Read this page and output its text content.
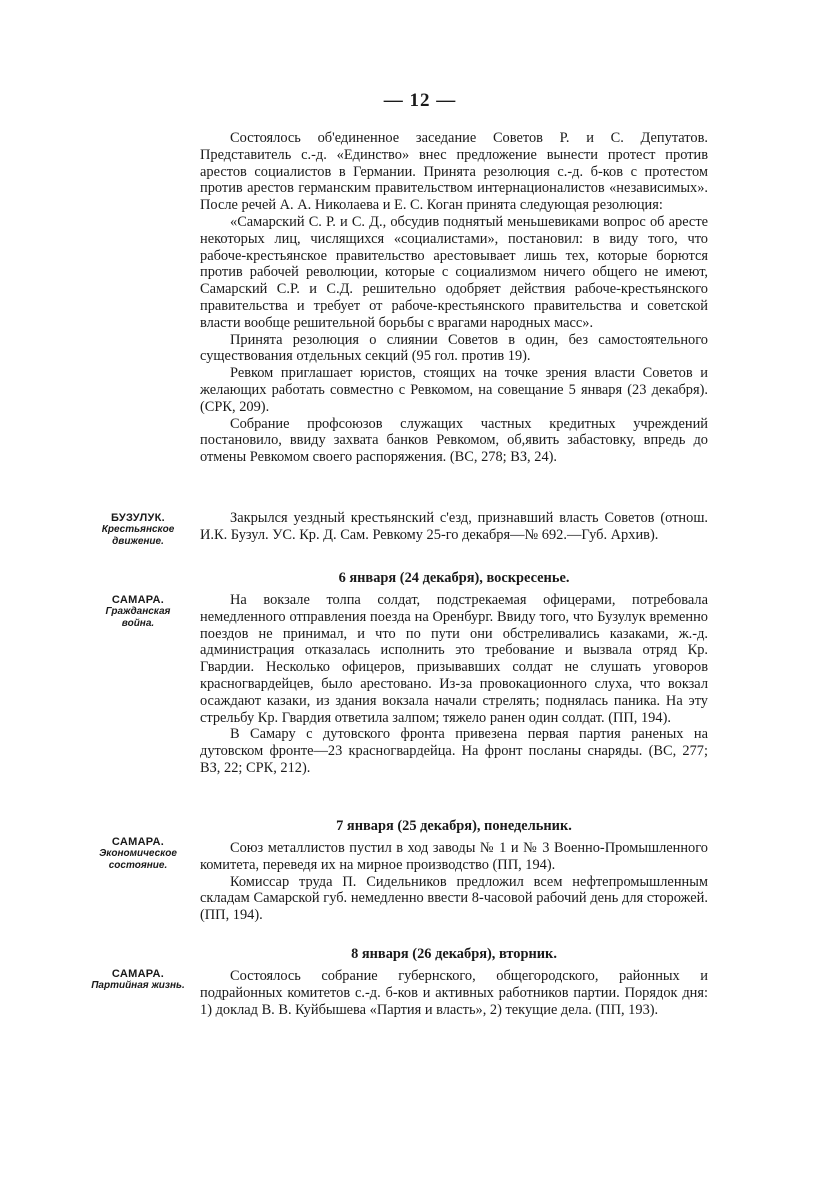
— 12 —

Состоялось об'единенное заседание Советов Р. и С. Депутатов. Представитель с.-д. «Единство» внес предложение вынести протест против арестов социалистов в Германии. Принята резолюция с.-д. б-ков с протестом против арестов германским правительством интернационалистов «независимых». После речей А. А. Николаева и Е. С. Коган принята следующая резолюция:

«Самарский С. Р. и С. Д., обсудив поднятый меньшевиками вопрос об аресте некоторых лиц, числящихся «социалистами», постановил: в виду того, что рабоче-крестьянское правительство арестовывает лишь тех, которые борются против рабочей революции, которые с социализмом ничего общего не имеют, Самарский С.Р. и С.Д. решительно одобряет действия рабоче-крестьянского правительства и требует от рабоче-крестьянского правительства и советской власти вообще решительной борьбы с врагами народных масс».

Принята резолюция о слиянии Советов в один, без самостоятельного существования отдельных секций (95 гол. против 19).

Ревком приглашает юристов, стоящих на точке зрения власти Советов и желающих работать совместно с Ревкомом, на совещание 5 января (23 декабря). (СРК, 209).

Собрание профсоюзов служащих частных кредитных учреждений постановило, ввиду захвата банков Ревкомом, об,явить забастовку, впредь до отмены Ревкомом своего распоряжения. (ВС, 278; ВЗ, 24).

БУЗУЛУК.
Крестьянское движение.

Закрылся уездный крестьянский с'езд, признавший власть Советов (отнош. И.К. Бузул. УС. Кр. Д. Сам. Ревкому 25-го декабря—№ 692.—Губ. Архив).

6 января (24 декабря), воскресенье.

САМАРА.
Гражданская война.

На вокзале толпа солдат, подстрекаемая офицерами, потребовала немедленного отправления поезда на Оренбург. Ввиду того, что Бузулук временно поездов не принимал, и что по пути они обстреливались казаками, ж.-д. администрация отказалась исполнить это требование и вызвала отряд Кр. Гвардии. Несколько офицеров, призывавших солдат не слушать уговоров красногвардейцев, было арестовано. Из-за провокационного слуха, что вокзал осаждают казаки, из здания вокзала начали стрелять; поднялась паника. На эту стрельбу Кр. Гвардия ответила залпом; тяжело ранен один солдат. (ПП, 194).

В Самару с дутовского фронта привезена первая партия раненых на дутовском фронте—23 красногвардейца. На фронт посланы снаряды. (ВС, 277; ВЗ, 22; СРК, 212).

7 января (25 декабря), понедельник.

САМАРА.
Экономическое состояние.

Союз металлистов пустил в ход заводы № 1 и № 3 Военно-Промышленного комитета, переведя их на мирное производство (ПП, 194).

Комиссар труда П. Сидельников предложил всем нефтепромышленным складам Самарской губ. немедленно ввести 8-часовой рабочий день для сторожей. (ПП, 194).

8 января (26 декабря), вторник.

САМАРА.
Партийная жизнь.

Состоялось собрание губернского, общегородского, районных и подрайонных комитетов с.-д. б-ков и активных работников партии. Порядок дня: 1) доклад В. В. Куйбышева «Партия и власть», 2) текущие дела. (ПП, 193).
